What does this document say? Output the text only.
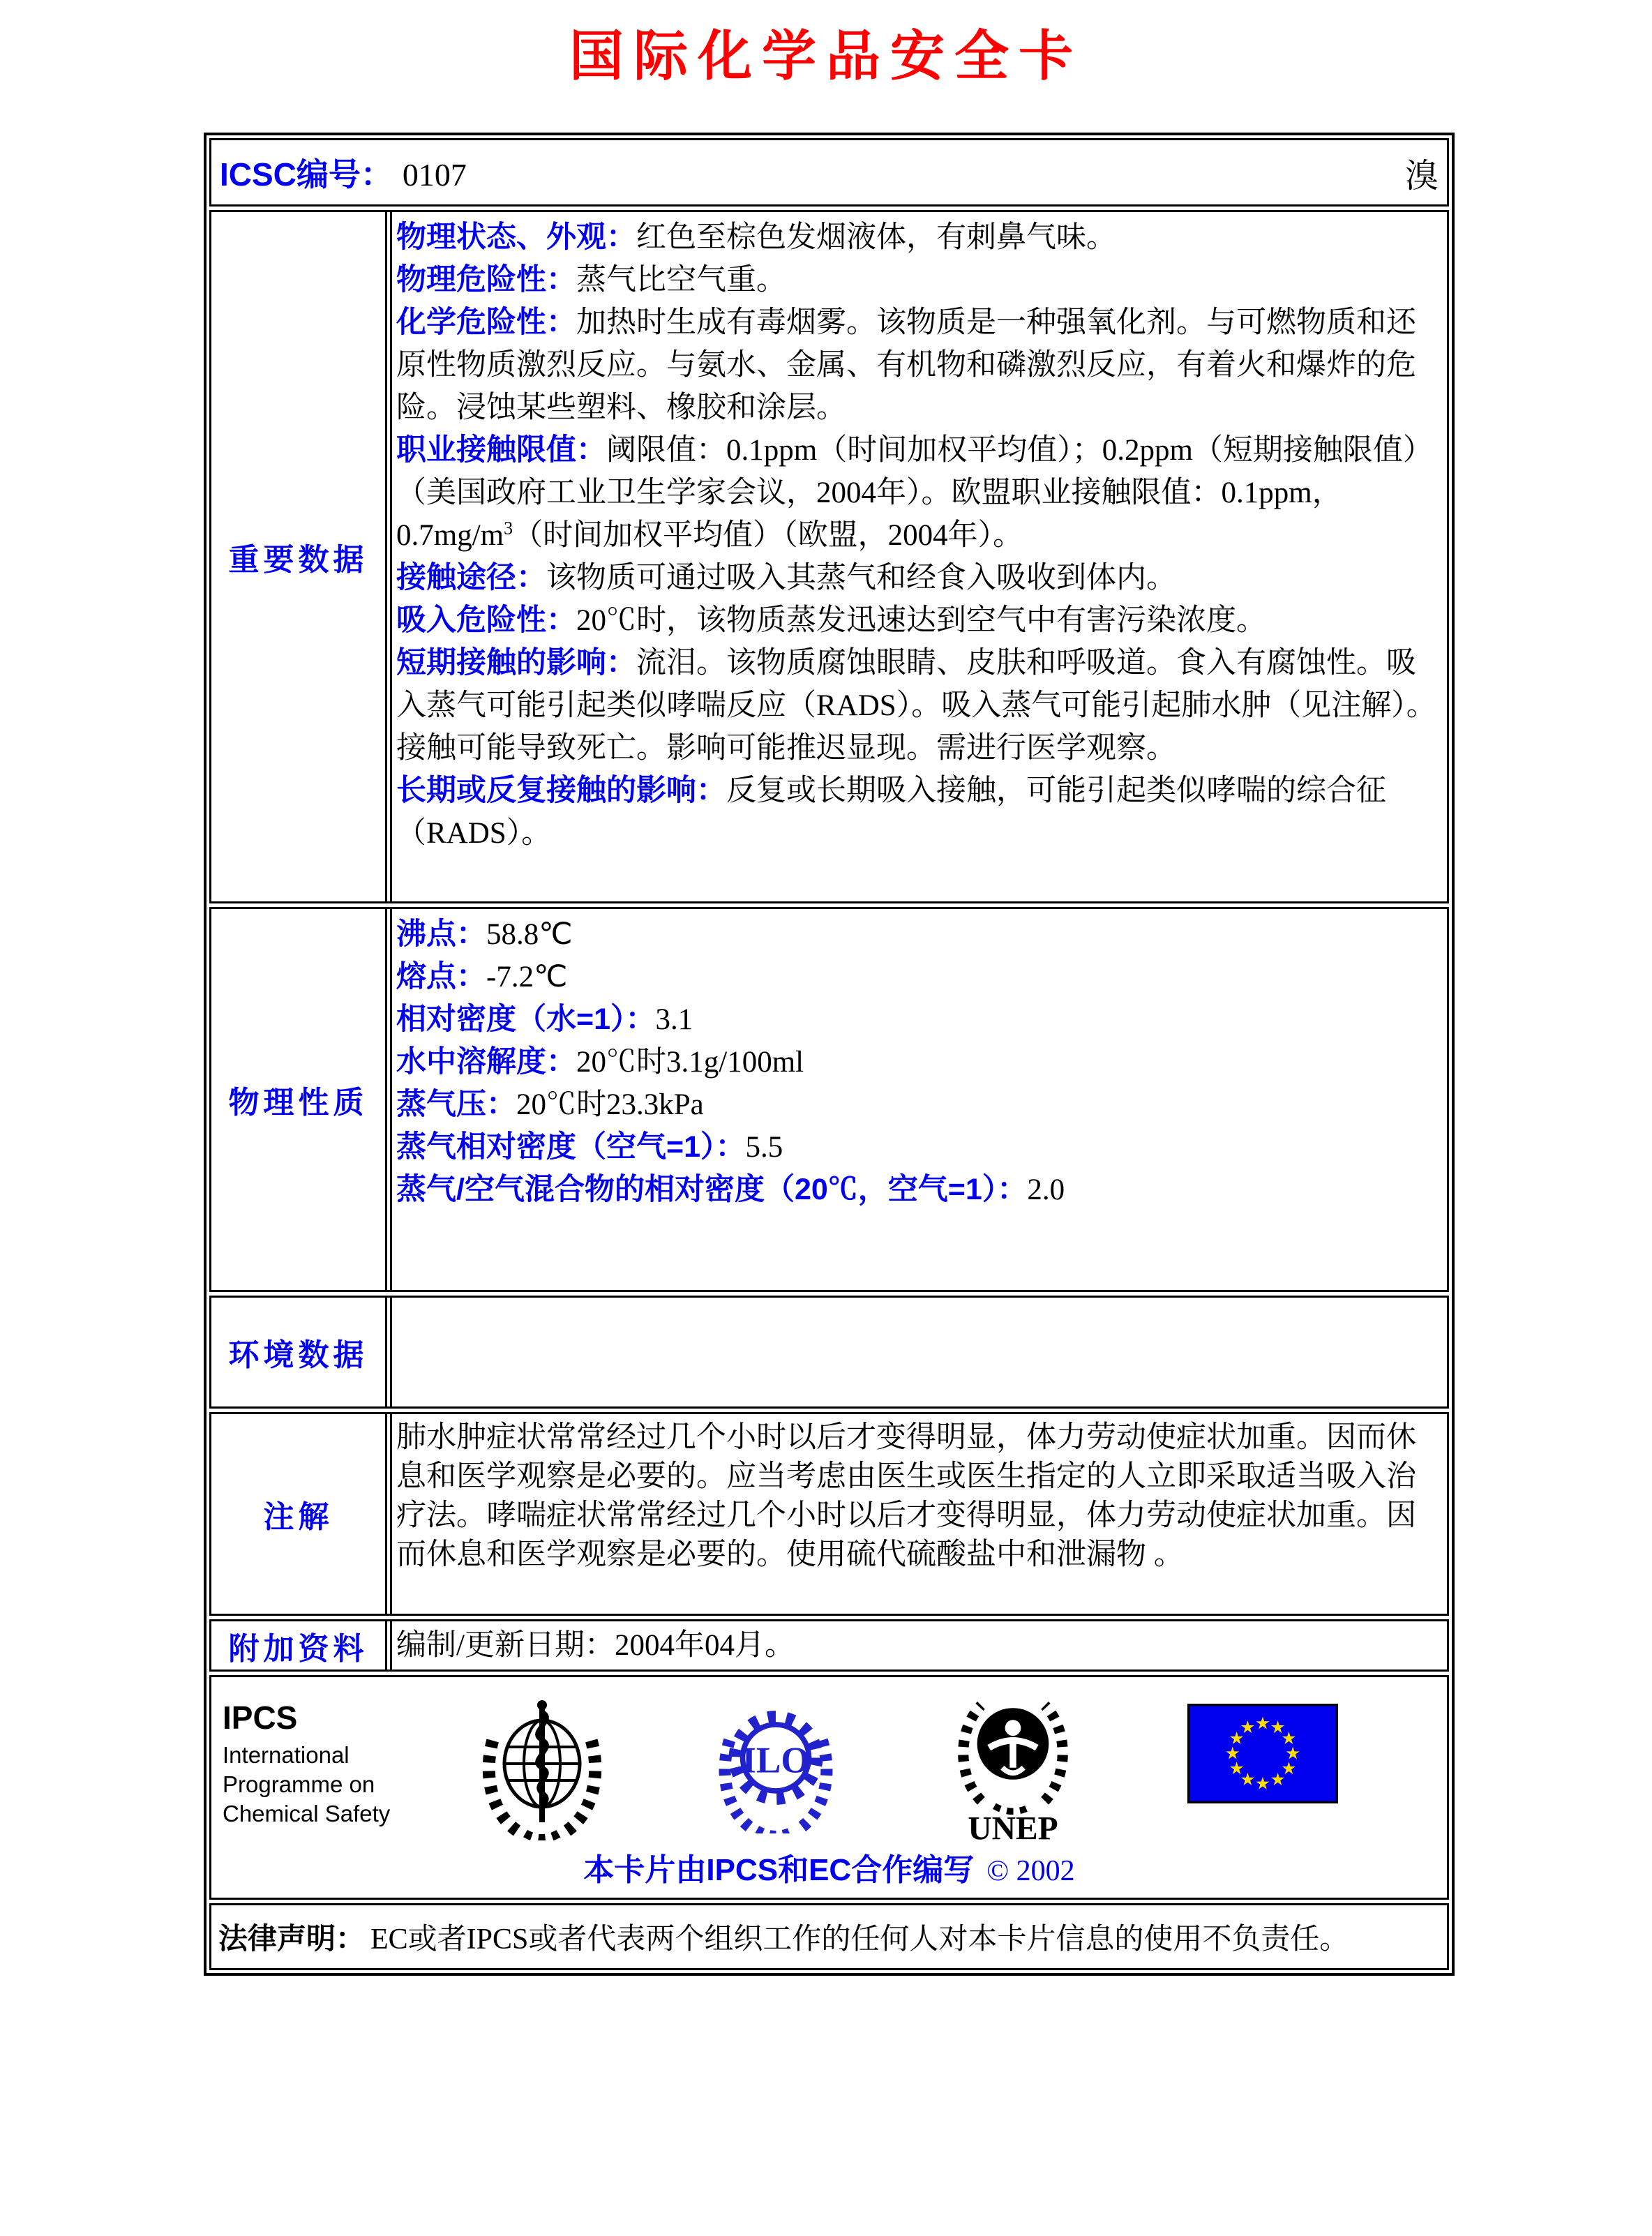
国际化学品安全卡
ICSC编号： 0107	溴
重要数据

物理状态、外观：红色至棕色发烟液体，有刺鼻气味。

物理危险性：蒸气比空气重。

化学危险性：加热时生成有毒烟雾。该物质是一种强氧化剂。与可燃物质和还原性物质激烈反应。与氨水、金属、有机物和磷激烈反应，有着火和爆炸的危险。浸蚀某些塑料、橡胶和涂层。

职业接触限值：阈限值：0.1ppm（时间加权平均值）；0.2ppm（短期接触限值）（美国政府工业卫生学家会议，2004年）。欧盟职业接触限值：0.1ppm，$0.7mg/m^3$（时间加权平均值）（欧盟，2004年）。

接触途径：该物质可通过吸入其蒸气和经食入吸收到体内。

吸入危险性：20℃时，该物质蒸发迅速达到空气中有害污染浓度。

短期接触的影响：流泪。该物质腐蚀眼睛、皮肤和呼吸道。食入有腐蚀性。吸入蒸气可能引起类似哮喘反应（RADS）。吸入蒸气可能引起肺水肿（见注解）。接触可能导致死亡。影响可能推迟显现。需进行医学观察。

长期或反复接触的影响：反复或长期吸入接触，可能引起类似哮喘的综合征（RADS）。

物理性质

沸点：58.8℃

熔点：-7.2℃

相对密度（水=1）：3.1

水中溶解度：20℃时3.1g/100ml

蒸气压：20℃时23.3kPa

蒸气相对密度（空气=1）：5.5

蒸气/空气混合物的相对密度（20℃，空气=1）：2.0

环境数据
注解
肺水肿症状常常经过几个小时以后才变得明显，体力劳动使症状加重。因而休息和医学观察是必要的。应当考虑由医生或医生指定的人立即采取适当吸入治疗法。哮喘症状常常经过几个小时以后才变得明显，体力劳动使症状加重。因而休息和医学观察是必要的。使用硫代硫酸盐中和泄漏物 。
附加资料 编制/更新日期：2004年04月。
IPCS
International
Programme on
Chemical Safety
ILO
UNEP
本卡片由IPCS和EC合作编写 © 2002
法律声明： EC或者IPCS或者代表两个组织工作的任何人对本卡片信息的使用不负责任。
